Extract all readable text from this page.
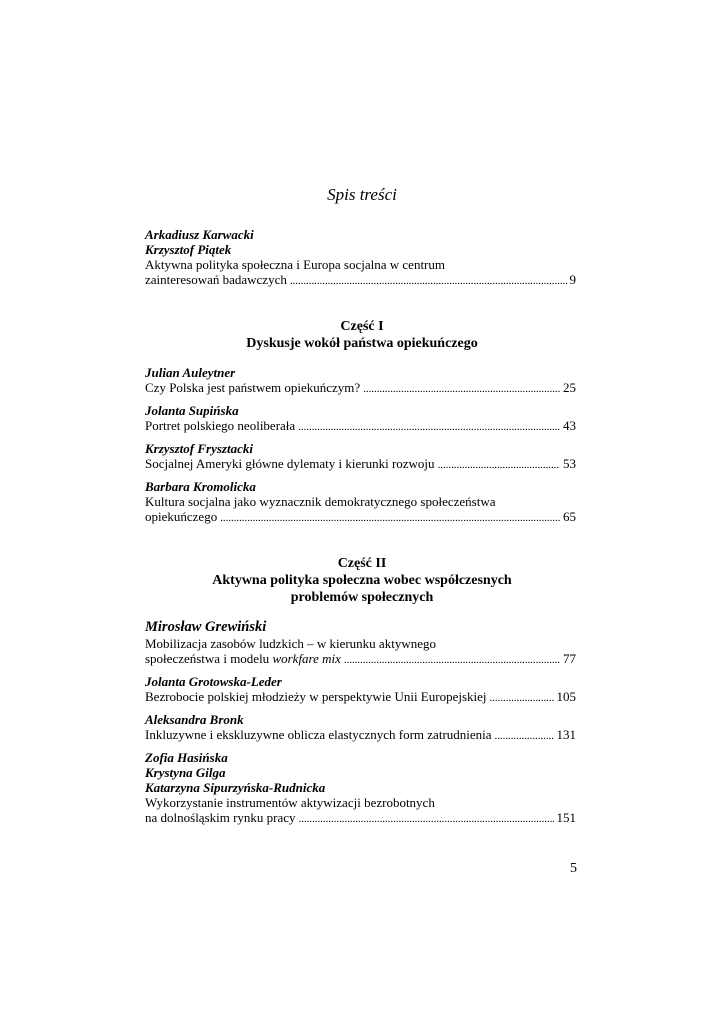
Spis treści
Arkadiusz Karwacki
Krzysztof Piątek
Aktywna polityka społeczna i Europa socjalna w centrum
zainteresowań badawczych . . .	9
Część I
Dyskusje wokół państwa opiekuńczego
Julian Auleytner
Czy Polska jest państwem opiekuńczym? . . .	25
Jolanta Supińska
Portret polskiego neoliberała . . .	43
Krzysztof Frysztacki
Socjalnej Ameryki główne dylematy i kierunki rozwoju . . .	53
Barbara Kromolicka
Kultura socjalna jako wyznacznik demokratycznego społeczeństwa
opiekuńczego . . .	65
Część II
Aktywna polityka społeczna wobec współczesnych
problemów społecznych
Mirosław Grewiński
Mobilizacja zasobów ludzkich – w kierunku aktywnego
społeczeństwa i modelu workfare mix . . .	77
Jolanta Grotowska-Leder
Bezrobocie polskiej młodzieży w perspektywie Unii Europejskiej . . .	105
Aleksandra Bronk
Inkluzywne i ekskluzywne oblicza elastycznych form zatrudnienia . . .	131
Zofia Hasińska
Krystyna Gilga
Katarzyna Sipurzyńska-Rudnicka
Wykorzystanie instrumentów aktywizacji bezrobotnych
na dolnośląskim rynku pracy . . .	151
5
